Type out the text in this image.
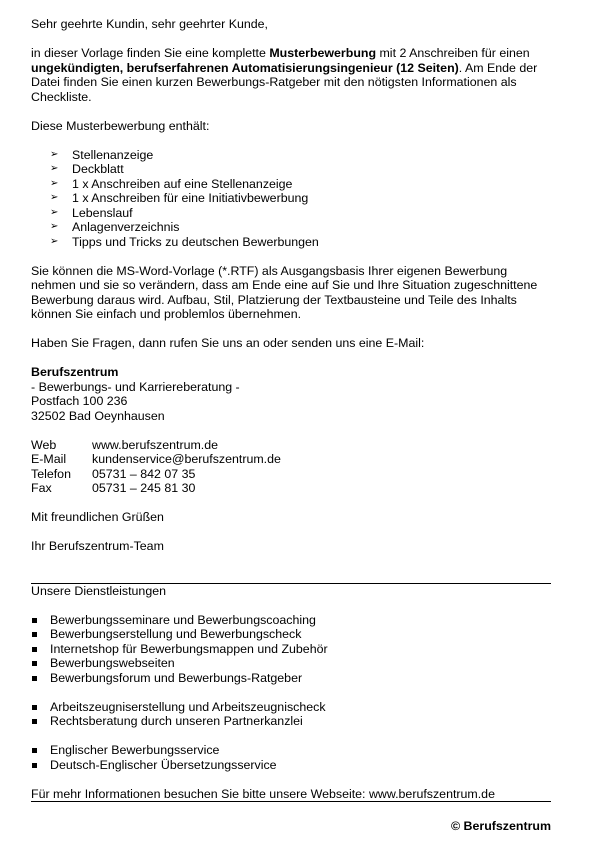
Sehr geehrte Kundin, sehr geehrter Kunde,

in dieser Vorlage finden Sie eine komplette Musterbewerbung mit 2 Anschreiben für einen ungekündigten, berufserfahrenen Automatisierungsingenieur (12 Seiten). Am Ende der Datei finden Sie einen kurzen Bewerbungs-Ratgeber mit den nötigsten Informationen als Checkliste.

Diese Musterbewerbung enthält:

➢ Stellenanzeige
➢ Deckblatt
➢ 1 x Anschreiben auf eine Stellenanzeige
➢ 1 x Anschreiben für eine Initiativbewerbung
➢ Lebenslauf
➢ Anlagenverzeichnis
➢ Tipps und Tricks zu deutschen Bewerbungen

Sie können die MS-Word-Vorlage (*.RTF) als Ausgangsbasis Ihrer eigenen Bewerbung nehmen und sie so verändern, dass am Ende eine auf Sie und Ihre Situation zugeschnittene Bewerbung daraus wird. Aufbau, Stil, Platzierung der Textbausteine und Teile des Inhalts können Sie einfach und problemlos übernehmen.

Haben Sie Fragen, dann rufen Sie uns an oder senden uns eine E-Mail:

Berufszentrum

- Bewerbungs- und Karriereberatung -

Postfach 100 236

32502 Bad Oeynhausen

Web	www.berufszentrum.de
E-Mail	kundenservice@berufszentrum.de
Telefon	05731 – 842 07 35
Fax	05731 – 245 81 30

Mit freundlichen Grüßen

Ihr Berufszentrum-Team

Unsere Dienstleistungen

Bewerbungsseminare und Bewerbungscoaching
Bewerbungserstellung und Bewerbungscheck
Internetshop für Bewerbungsmappen und Zubehör
Bewerbungswebseiten
Bewerbungsforum und Bewerbungs-Ratgeber
Arbeitszeugniserstellung und Arbeitszeugnischeck
Rechtsberatung durch unseren Partnerkanzlei
Englischer Bewerbungsservice
Deutsch-Englischer Übersetzungsservice

Für mehr Informationen besuchen Sie bitte unsere Webseite: www.berufszentrum.de

© Berufszentrum
